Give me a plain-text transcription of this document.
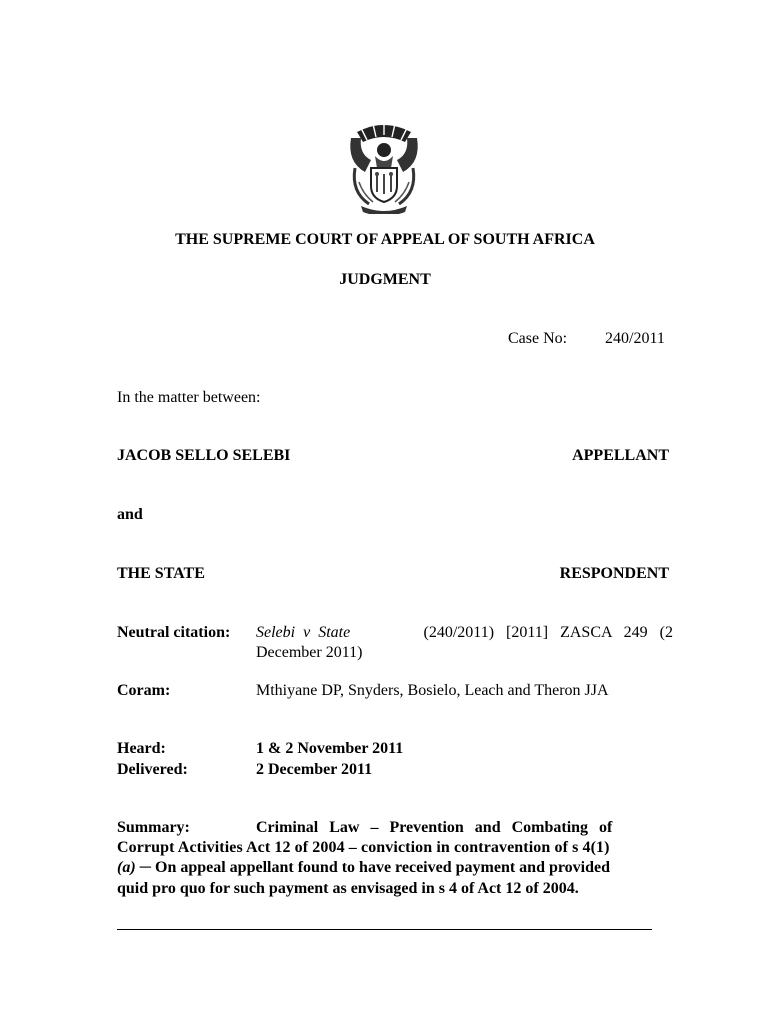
THE SUPREME COURT OF APPEAL OF SOUTH AFRICA
JUDGMENT
Case No: 240/2011
In the matter between:
JACOB SELLO SELEBI	APPELLANT
and
THE STATE	RESPONDENT
Neutral citation: Selebi v State	(240/2011) [2011] ZASCA 249 (2
December 2011)
Coram:	Mthiyane DP, Snyders, Bosielo, Leach and Theron JJA
Heard:	1 & 2 November 2011
Delivered:	2 December 2011
Summary:	Criminal Law – Prevention and Combating of
Corrupt Activities Act 12 of 2004 – conviction in contravention of s 4(1)
(a) ─ On appeal appellant found to have received payment and provided
quid pro quo for such payment as envisaged in s 4 of Act 12 of 2004.
